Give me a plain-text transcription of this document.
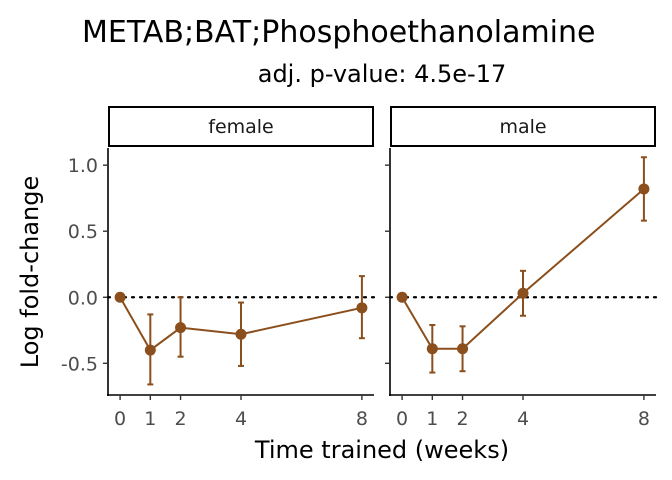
METAB;BAT;Phosphoethanolamine
adj. p-value: 4.5e-17
female
1.0
0.5
0.0
-0.5
0 1 2	4	8
male
0 1 2	4	8
Time trained (weeks)
Log fold-change
